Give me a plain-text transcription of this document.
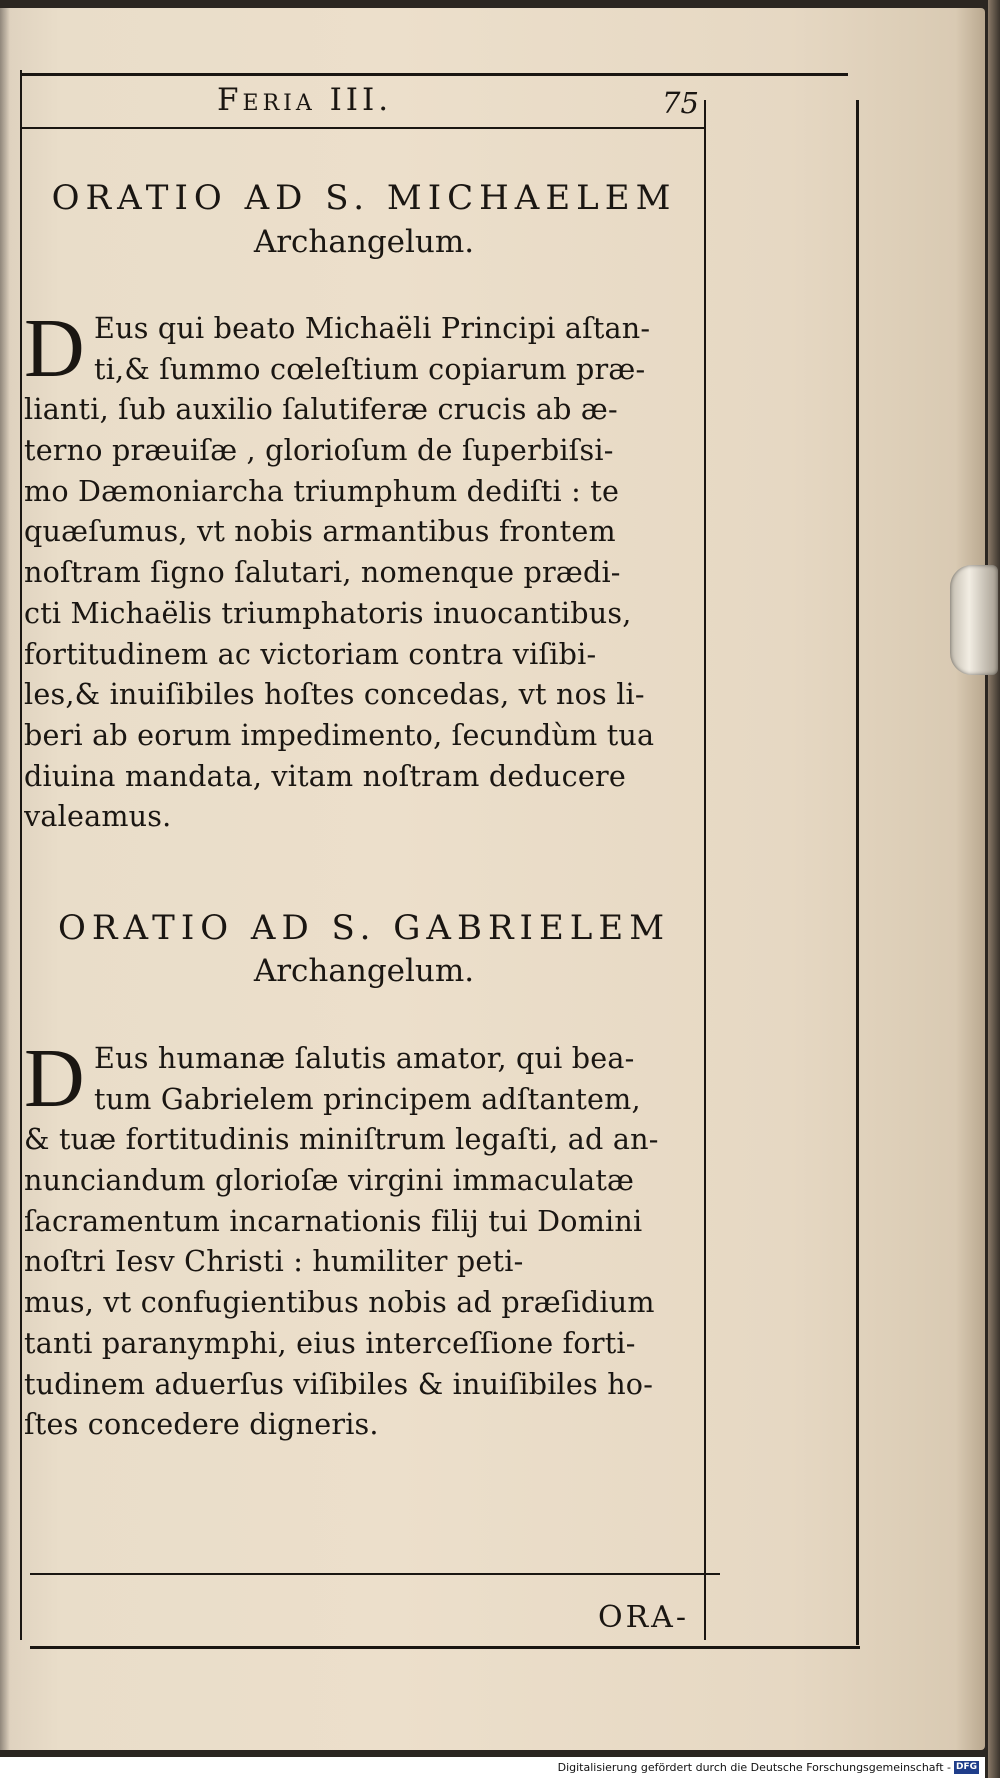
Feria III.	75
ORATIO AD S. MICHAELEM
Archangelum.
D Eus qui beato Michaëli Principi aſtan-
ti,& ſummo cœleſtium copiarum præ-
lianti, ſub auxilio ſalutiferæ crucis ab æ-
terno præuiſæ , glorioſum de ſuperbiſsi-
mo Dæmoniarcha triumphum dediſti : te
quæſumus, vt nobis armantibus frontem
noſtram ſigno ſalutari, nomenque prædi-
cti Michaëlis triumphatoris inuocantibus,
fortitudinem ac victoriam contra viſibi-
les,& inuiſibiles hoſtes concedas, vt nos li-
beri ab eorum impedimento, ſecundùm tua
diuina mandata, vitam noſtram deducere
valeamus.
ORATIO AD S. GABRIELEM
Archangelum.
D Eus humanæ ſalutis amator, qui bea-
tum Gabrielem principem adſtantem,
& tuæ fortitudinis miniſtrum legaſti, ad an-
nunciandum glorioſæ virgini immaculatæ
ſacramentum incarnationis filij tui Domini
noſtri Iesv Christi : humiliter peti-
mus, vt confugientibus nobis ad præſidium
tanti paranymphi, eius interceſſione forti-
tudinem aduerſus viſibiles & inuiſibiles ho-
ſtes concedere digneris.
ORA-
Digitalisierung gefördert durch die Deutsche Forschungsgemeinschaft - DFG
